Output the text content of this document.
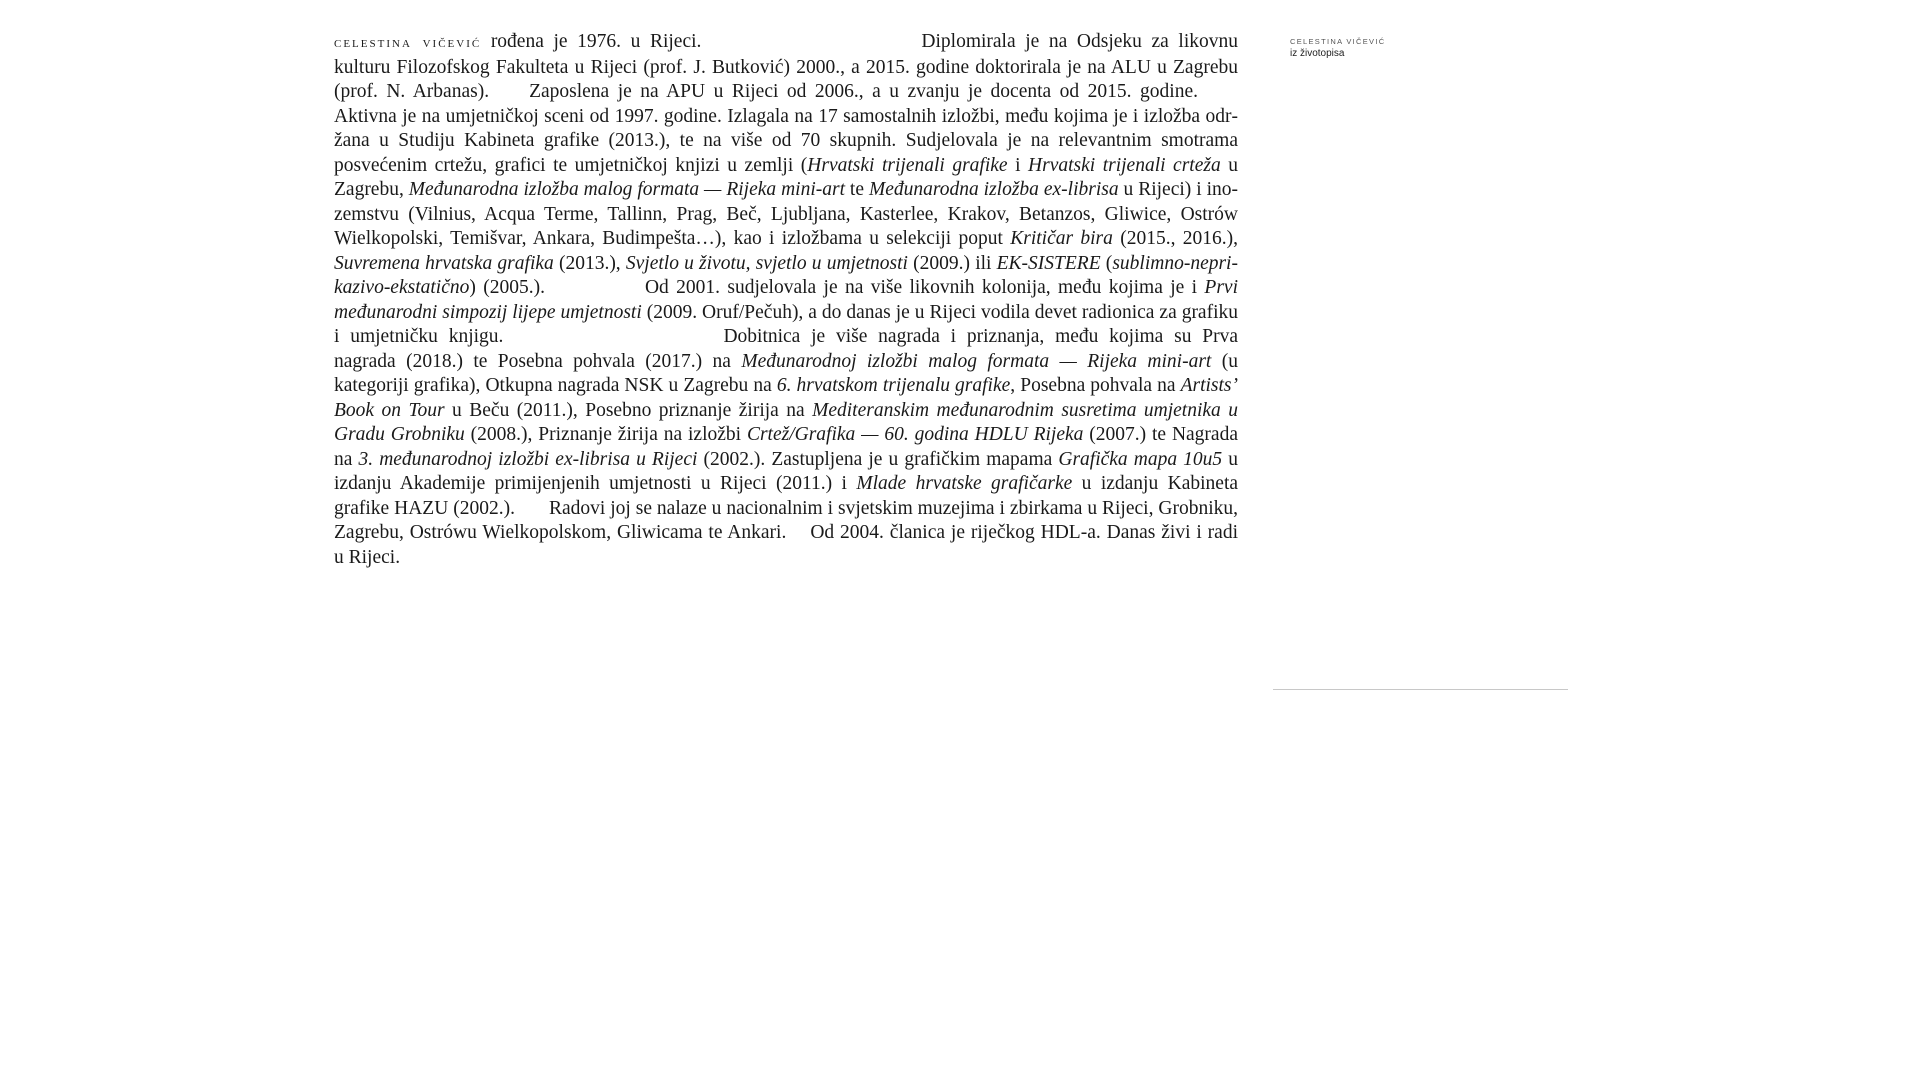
celestina vičević rođena je 1976. u Rijeci.	Diplomirala je na Odsjeku za likovnu kulturu Filozofskog Fakulteta u Rijeci (prof. J. Butković) 2000., a 2015. godine doktorirala je na ALU u Zagrebu (prof. N. Arbanas). Zaposlena je na APU u Rijeci od 2006., a u zvanju je docenta od 2015. godine.Aktivna je na umjetničkoj sceni od 1997. godine. Izlagala na 17 samostalnih izložbi, među kojima je i izložba održana u Studiju Kabineta grafike (2013.), te na više od 70 skupnih. Sudjelovala je na relevantnim smotrama posvećenim crtežu, grafici te umjetničkoj knjizi u zemlji (Hrvatski trijenali grafike i Hrvatski trijenali crteža u Zagrebu, Međunarodna izložba malog formata — Rijeka mini-art te Međunarodna izložba ex-librisa u Rijeci) i inozemstvu (Vilnius, Acqua Terme, Tallinn, Prag, Beč, Ljubljana, Kasterlee, Krakov, Betanzos, Gliwice, Ostrów Wielkopolski, Temišvar, Ankara, Budimpešta…), kao i izložbama u selekciji poput Kritičar bira (2015., 2016.), Suvremena hrvatska grafika (2013.), Svjetlo u životu, svjetlo u umjetnosti (2009.) ili EK-SISTERE (sublimno-neprikazivo-ekstatično) (2005.).	Od 2001. sudjelovala je na više likovnih kolonija, među kojima je i Prvi međunarodni simpozij lijepe umjetnosti (2009. Oruf/Pečuh), a do danas je u Rijeci vodila devet radionica za grafiku i umjetničku knjigu.	Dobitnica je više nagrada i priznanja, među kojima su Prva nagrada (2018.) te Posebna pohvala (2017.) na Međunarodnoj izložbi malog formata — Rijeka mini-art (u kategoriji grafika), Otkupna nagrada NSK u Zagrebu na 6. hrvatskom trijenalu grafike, Posebna pohvala na Artists’ Book on Tour u Beču (2011.), Posebno priznanje žirija na Mediteranskim međunarodnim susretima umjetnika u Gradu Grobniku (2008.), Priznanje žirija na izložbi Crtež/Grafika — 60. godina HDLU Rijeka (2007.) te Nagrada na 3. međunarodnoj izložbi ex-librisa u Rijeci (2002.). Zastupljena je u grafičkim mapama Grafička mapa 10u5 u izdanju Akademije primijenjenih umjetnosti u Rijeci (2011.) i Mlade hrvatske grafičarke u izdanju Kabineta grafike HAZU (2002.). Radovi joj se nalaze u nacionalnim i svjetskim muzejima i zbirkama u Rijeci, Grobniku, Zagrebu, Ostrówu Wielkopolskom, Gliwicama te Ankari. Od 2004. članica je riječkog HDL-a. Danas živi i radi u Rijeci.

CELESTINA VIČEVIĆ
iz životopisa
